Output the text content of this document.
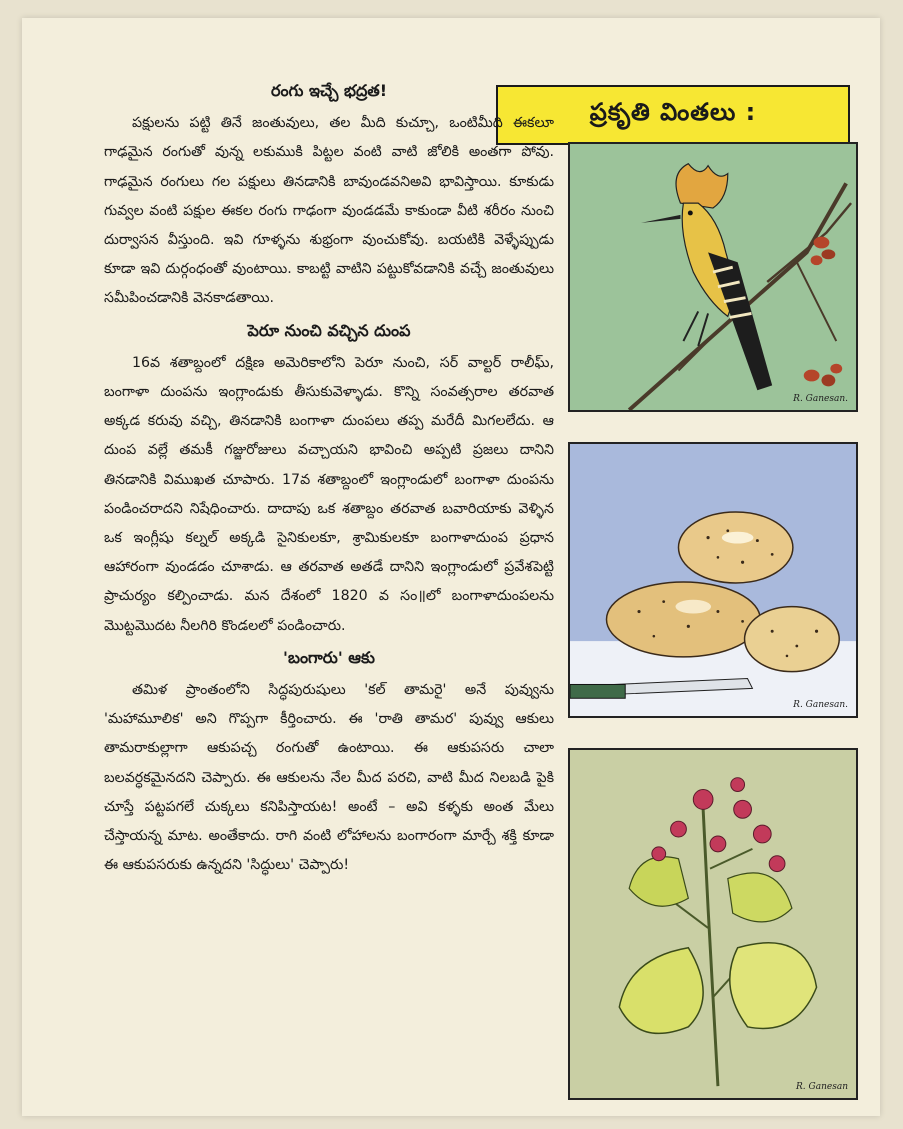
ప్రకృతి వింతలు :
రంగు ఇచ్చే భద్రత!

పక్షులను పట్టి తినే జంతువులు, తల మీది కుచ్చూ, ఒంటిమీది ఈకలూ గాఢమైన రంగుతో వున్న లకుముకి పిట్టల వంటి వాటి జోలికి అంతగా పోవు. గాఢమైన రంగులు గల పక్షులు తినడానికి బావుండవనిఅవి భావిస్తాయి. కూకుడు గువ్వల వంటి పక్షుల ఈకల రంగు గాఢంగా వుండడమే కాకుండా వీటి శరీరం నుంచి దుర్వాసన వీస్తుంది. ఇవి గూళ్ళను శుభ్రంగా వుంచుకోవు. బయటికి వెళ్ళేప్పుడు కూడా ఇవి దుర్గంధంతో వుంటాయి. కాబట్టి వాటిని పట్టుకోవడానికి వచ్చే జంతువులు సమీపించడానికి వెనకాడతాయి.

పెరూ నుంచి వచ్చిన దుంప

16వ శతాబ్దంలో దక్షిణ అమెరికాలోని పెరూ నుంచి, సర్ వాల్టర్ రాలీఘ్, బంగాళా దుంపను ఇంగ్లాండుకు తీసుకువెళ్ళాడు. కొన్ని సంవత్సరాల తరవాత అక్కడ కరువు వచ్చి, తినడానికి బంగాళా దుంపలు తప్ప మరేదీ మిగలలేదు. ఆ దుంప వల్లే తమకీ గజ్జురోజులు వచ్చాయని భావించి అప్పటి ప్రజలు దానిని తినడానికి విముఖత చూపారు. 17వ శతాబ్దంలో ఇంగ్లాండులో బంగాళా దుంపను పండించరాదని నిషేధించారు. దాదాపు ఒక శతాబ్దం తరవాత బవారియాకు వెళ్ళిన ఒక ఇంగ్లీషు కల్నల్ అక్కడి సైనికులకూ, శ్రామికులకూ బంగాళాదుంప ప్రధాన ఆహారంగా వుండడం చూశాడు. ఆ తరవాత అతడే దానిని ఇంగ్లాండులో ప్రవేశపెట్టి ప్రాచుర్యం కల్పించాడు. మన దేశంలో 1820 వ సం॥లో బంగాళాదుంపలను మొట్టమొదట నీలగిరి కొండలలో పండించారు.

'బంగారు' ఆకు

తమిళ ప్రాంతంలోని సిద్ధపురుషులు 'కల్ తామరై' అనే పువ్వును 'మహామూలిక' అని గొప్పగా కీర్తించారు. ఈ 'రాతి తామర' పువ్వు ఆకులు తామరాకుల్లాగా ఆకుపచ్చ రంగుతో ఉంటాయి. ఈ ఆకుపసరు చాలా బలవర్ధకమైనదని చెప్పారు. ఈ ఆకులను నేల మీద పరచి, వాటి మీద నిలబడి పైకి చూస్తే పట్టపగలే చుక్కలు కనిపిస్తాయట! అంటే – అవి కళ్ళకు అంత మేలు చేస్తాయన్న మాట. అంతేకాదు. రాగి వంటి లోహాలను బంగారంగా మార్చే శక్తి కూడా ఈ ఆకుపసరుకు ఉన్నదని 'సిద్ధులు' చెప్పారు!

R. Ganesan.
R. Ganesan.
R. Ganesan
